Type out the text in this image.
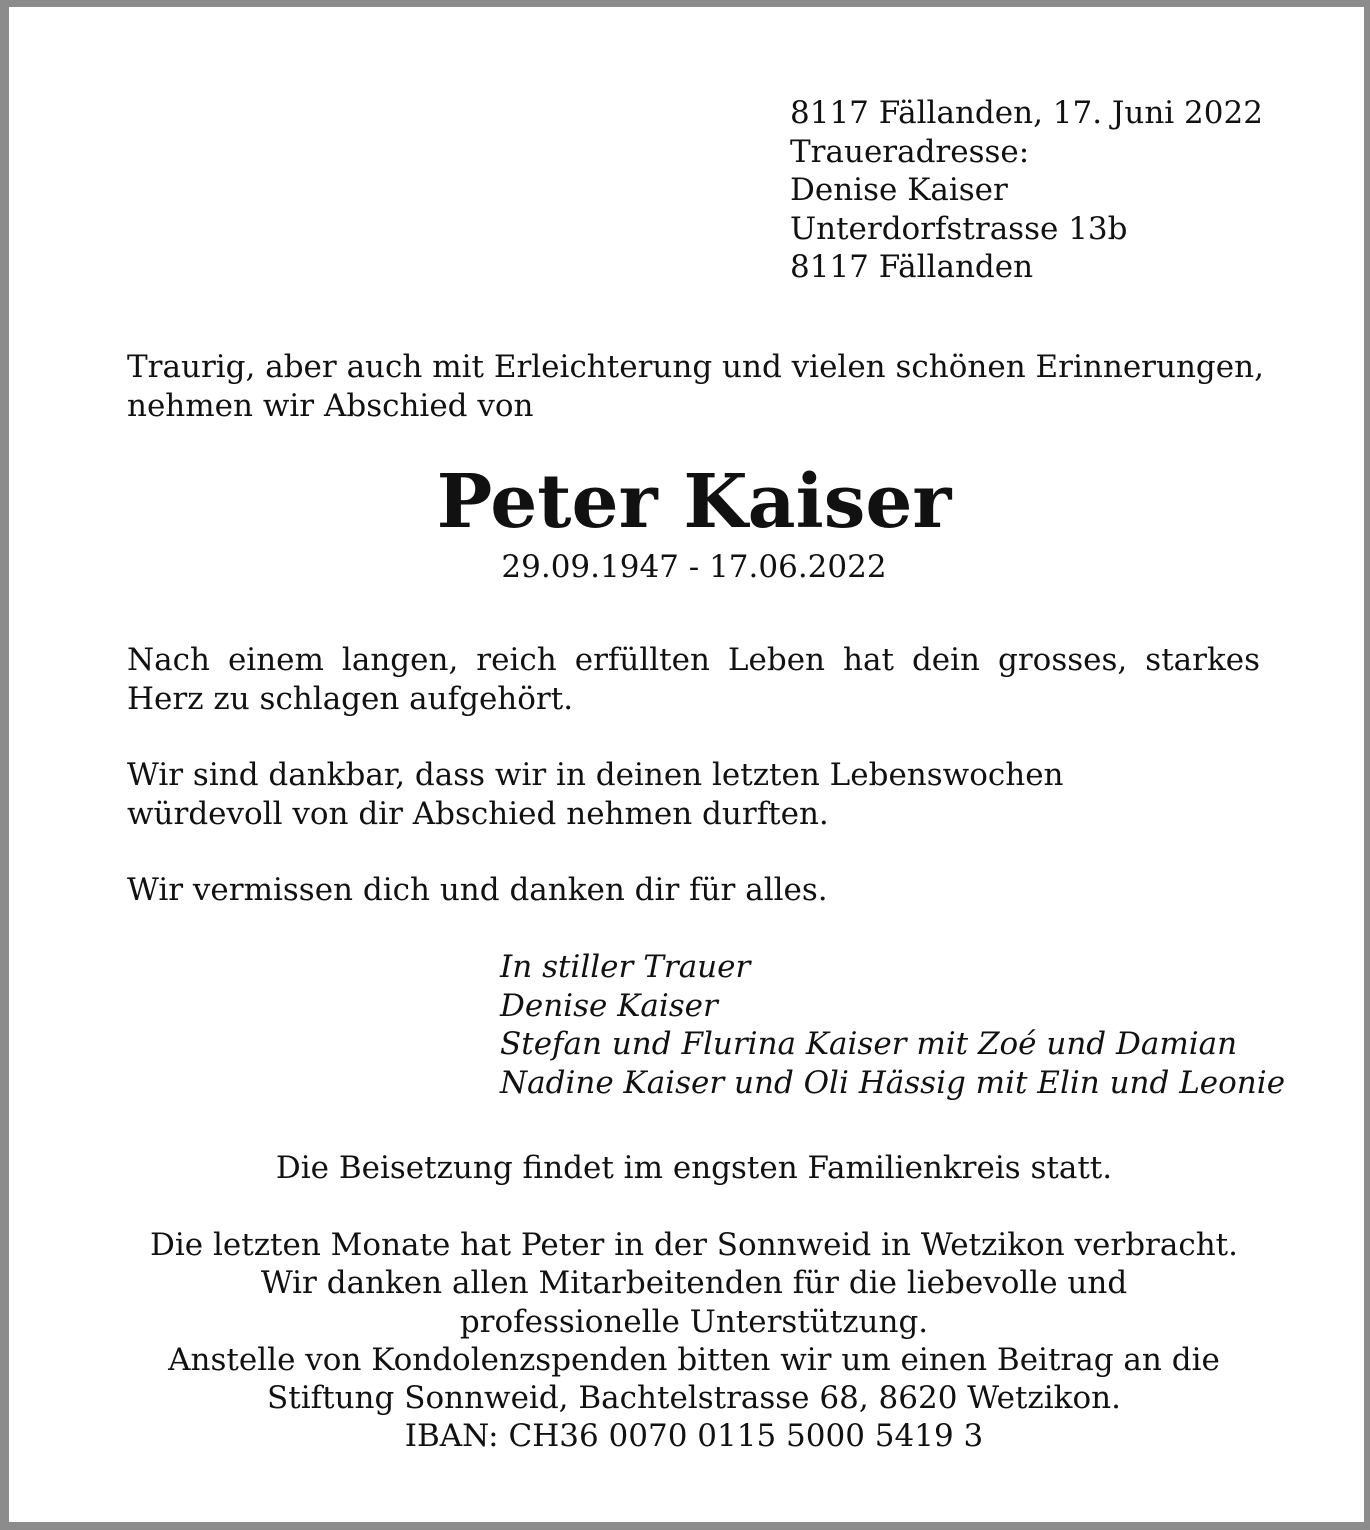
8117 Fällanden, 17. Juni 2022
Traueradresse:
Denise Kaiser
Unterdorfstrasse 13b
8117 Fällanden
Traurig, aber auch mit Erleichterung und vielen schönen Erinnerungen,
nehmen wir Abschied von
Peter Kaiser
29.09.1947 - 17.06.2022
Nach einem langen, reich erfüllten Leben hat dein grosses, starkes Herz zu schlagen aufgehört.
Wir sind dankbar, dass wir in deinen letzten Lebenswochen
würdevoll von dir Abschied nehmen durften.
Wir vermissen dich und danken dir für alles.
In stiller Trauer
Denise Kaiser
Stefan und Flurina Kaiser mit Zoé und Damian
Nadine Kaiser und Oli Hässig mit Elin und Leonie
Die Beisetzung findet im engsten Familienkreis statt.
Die letzten Monate hat Peter in der Sonnweid in Wetzikon verbracht.
Wir danken allen Mitarbeitenden für die liebevolle und
professionelle Unterstützung.
Anstelle von Kondolenzspenden bitten wir um einen Beitrag an die
Stiftung Sonnweid, Bachtelstrasse 68, 8620 Wetzikon.
IBAN: CH36 0070 0115 5000 5419 3
